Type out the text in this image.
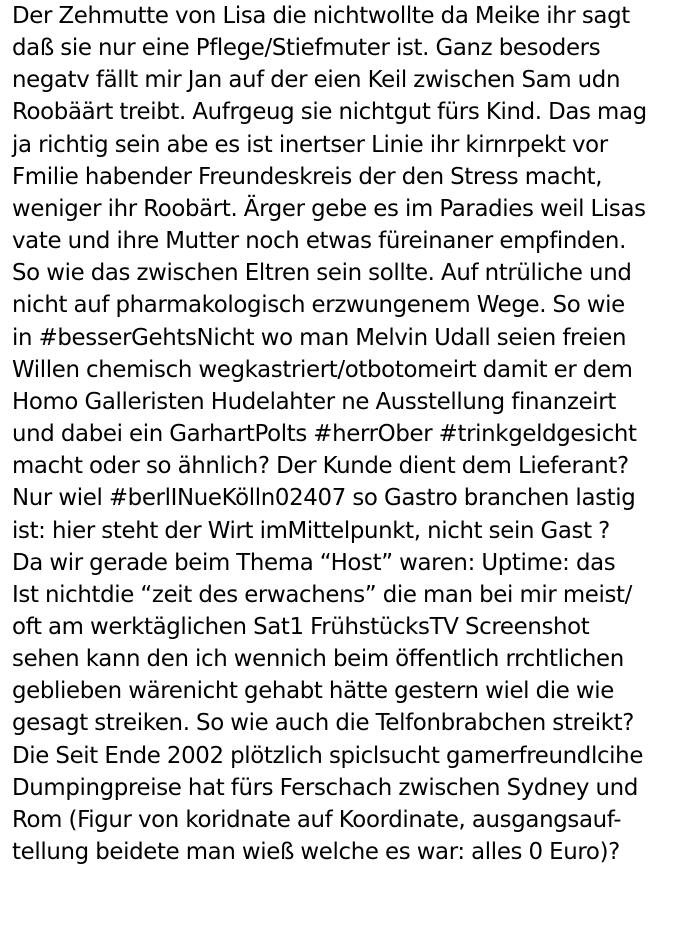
Der Zehmutte von Lisa die nichtwollte da Meike ihr sagt
daß sie nur eine Pflege/Stiefmuter ist. Ganz besoders
negatv fällt mir Jan auf der eien Keil zwischen Sam udn
Roobäärt treibt. Aufrgeug sie nichtgut fürs Kind. Das mag
ja richtig sein abe es ist inertser Linie ihr kirnrpekt vor
Fmilie habender Freundeskreis der den Stress macht,
weniger ihr Roobärt. Ärger gebe es im Paradies weil Lisas
vate und ihre Mutter noch etwas füreinaner empfinden.
So wie das zwischen Eltren sein sollte. Auf ntrüliche und
nicht auf pharmakologisch erzwungenem Wege. So wie
in #besserGehtsNicht wo man Melvin Udall seien freien
Willen chemisch wegkastriert/otbotomeirt damit er dem
Homo Galleristen Hudelahter ne Ausstellung finanzeirt
und dabei ein GarhartPolts #herrOber #trinkgeldgesicht
macht oder so ähnlich? Der Kunde dient dem Lieferant?
Nur wiel #berlINueKölln02407 so Gastro branchen lastig
ist: hier steht der Wirt imMittelpunkt, nicht sein Gast ?
Da wir gerade beim Thema “Host” waren: Uptime: das
Ist nichtdie “zeit des erwachens” die man bei mir meist/
oft am werktäglichen Sat1 FrühstücksTV Screenshot
sehen kann den ich wennich beim öffentlich rrchtlichen
geblieben wärenicht gehabt hätte gestern wiel die wie
gesagt streiken. So wie auch die Telfonbrabchen streikt?
Die Seit Ende 2002 plötzlich spiclsucht gamerfreundlcihe
Dumpingpreise hat fürs Ferschach zwischen Sydney und
Rom (Figur von koridnate auf Koordinate, ausgangsauf-
tellung beidete man wieß welche es war: alles 0 Euro)?
